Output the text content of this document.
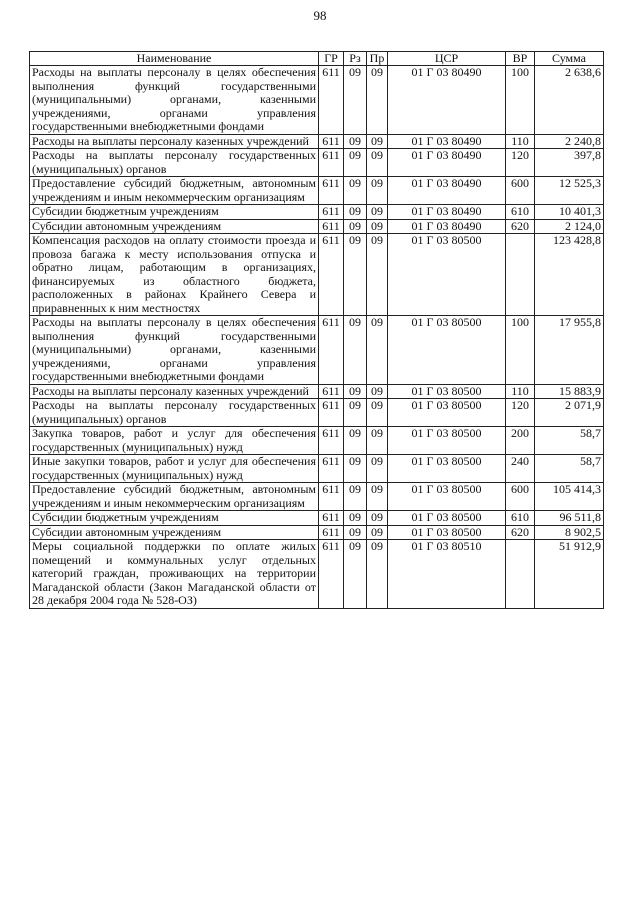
98
Наименование	ГР	Рз	Пр	ЦСР	ВР	Сумма
Расходы на выплаты персоналу в целях обеспечения выполнения функций государственными (муниципальными) органами, казенными учреждениями, органами управления государственными внебюджетными фондами	611	09	09	01 Г 03 80490	100	2 638,6
Расходы на выплаты персоналу казенных учреждений	611	09	09	01 Г 03 80490	110	2 240,8
Расходы на выплаты персоналу государственных (муниципальных) органов	611	09	09	01 Г 03 80490	120	397,8
Предоставление субсидий бюджетным, автономным учреждениям и иным некоммерческим организациям	611	09	09	01 Г 03 80490	600	12 525,3
Субсидии бюджетным учреждениям	611	09	09	01 Г 03 80490	610	10 401,3
Субсидии автономным учреждениям	611	09	09	01 Г 03 80490	620	2 124,0
Компенсация расходов на оплату стоимости проезда и провоза багажа к месту использования отпуска и обратно лицам, работающим в организациях, финансируемых из областного бюджета, расположенных в районах Крайнего Севера и приравненных к ним местностях	611	09	09	01 Г 03 80500		123 428,8
Расходы на выплаты персоналу в целях обеспечения выполнения функций государственными (муниципальными) органами, казенными учреждениями, органами управления государственными внебюджетными фондами	611	09	09	01 Г 03 80500	100	17 955,8
Расходы на выплаты персоналу казенных учреждений	611	09	09	01 Г 03 80500	110	15 883,9
Расходы на выплаты персоналу государственных (муниципальных) органов	611	09	09	01 Г 03 80500	120	2 071,9
Закупка товаров, работ и услуг для обеспечения государственных (муниципальных) нужд	611	09	09	01 Г 03 80500	200	58,7
Иные закупки товаров, работ и услуг для обеспечения государственных (муниципальных) нужд	611	09	09	01 Г 03 80500	240	58,7
Предоставление субсидий бюджетным, автономным учреждениям и иным некоммерческим организациям	611	09	09	01 Г 03 80500	600	105 414,3
Субсидии бюджетным учреждениям	611	09	09	01 Г 03 80500	610	96 511,8
Субсидии автономным учреждениям	611	09	09	01 Г 03 80500	620	8 902,5
Меры социальной поддержки по оплате жилых помещений и коммунальных услуг отдельных категорий граждан, проживающих на территории Магаданской области (Закон Магаданской области от 28 декабря 2004 года № 528-ОЗ)	611	09	09	01 Г 03 80510		51 912,9
